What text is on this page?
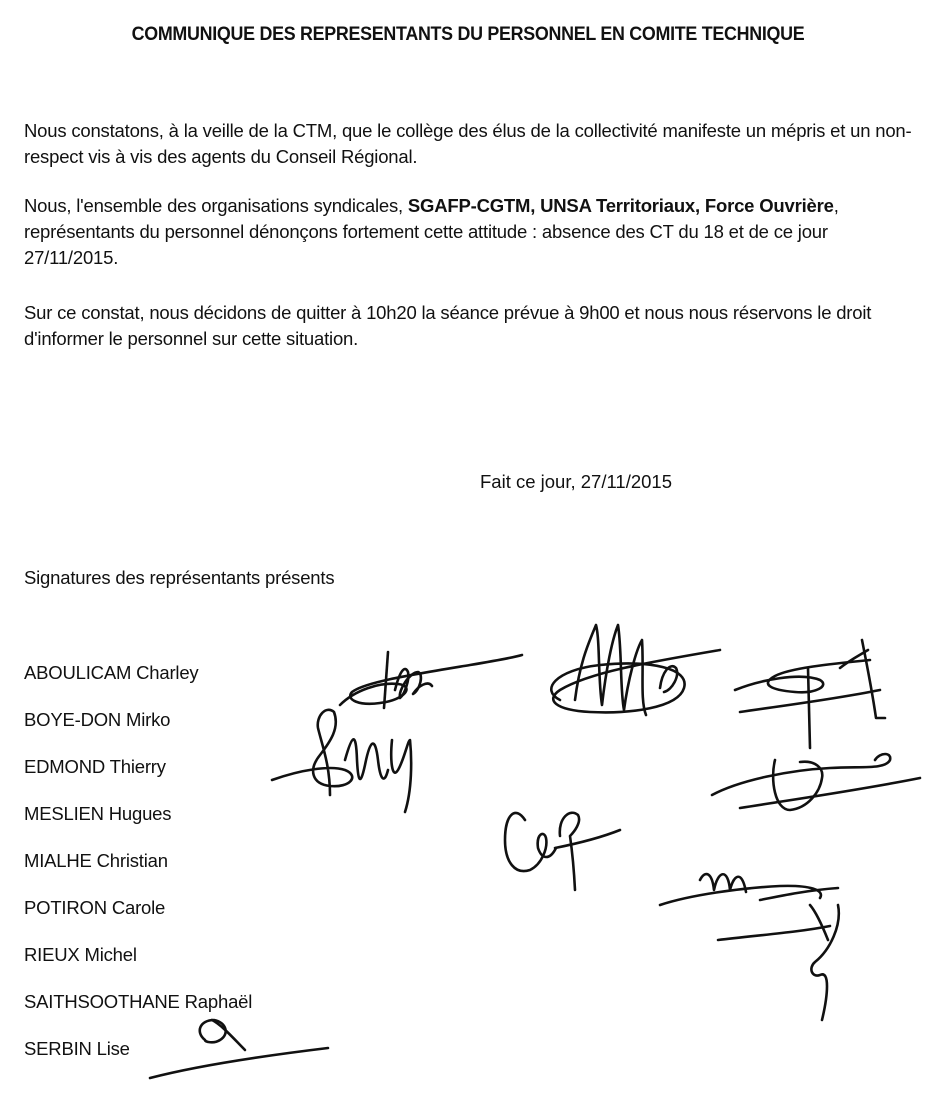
COMMUNIQUE DES REPRESENTANTS DU PERSONNEL EN COMITE TECHNIQUE

Nous constatons, à la veille de la CTM, que le collège des élus de la collectivité manifeste un mépris et un non-respect vis à vis des agents du Conseil Régional.

Nous, l'ensemble des organisations syndicales, SGAFP-CGTM, UNSA Territoriaux, Force Ouvrière, représentants du personnel dénonçons fortement cette attitude : absence des CT du 18 et de ce jour 27/11/2015.

Sur ce constat, nous décidons de quitter à 10h20 la séance prévue à 9h00 et nous nous réservons le droit d'informer le personnel sur cette situation.

Fait ce jour, 27/11/2015
Signatures des représentants présents
ABOULICAM Charley
BOYE-DON Mirko
EDMOND Thierry
MESLIEN Hugues
MIALHE Christian
POTIRON Carole
RIEUX Michel
SAITHSOOTHANE Raphaël
SERBIN Lise
